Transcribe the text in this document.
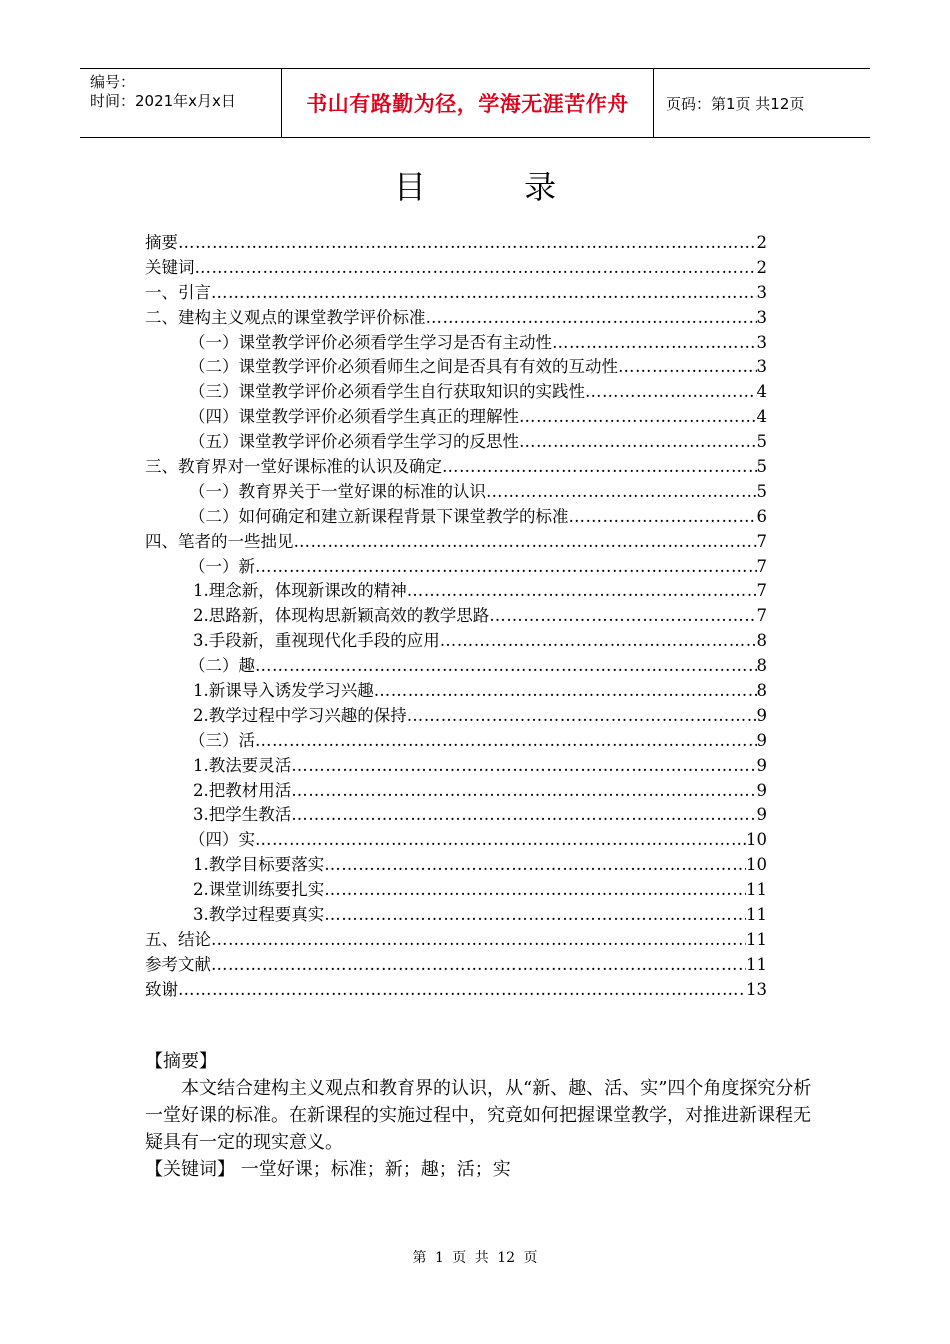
编号：
时间：2021年x月x日	书山有路勤为径，学海无涯苦作舟 页码：第1页 共12页
目 录
摘要 …………………………………………………………………………………………………………………………………………………………………………………………………………	2
关键词 …………………………………………………………………………………………………………………………………………………………………………………………………………	2
一、引言 …………………………………………………………………………………………………………………………………………………………………………………………………………	3
二、建构主义观点的课堂教学评价标准 …………………………………………………………………………………………………………………………………………………………………………………………………………	3
（一）课堂教学评价必须看学生学习是否有主动性 …………………………………………………………………………………………………………………………………………………………………………………………………………	3
（二）课堂教学评价必须看师生之间是否具有有效的互动性 …………………………………………………………………………………………………………………………………………………………………………………………………………	3
（三）课堂教学评价必须看学生自行获取知识的实践性 …………………………………………………………………………………………………………………………………………………………………………………………………………	4
（四）课堂教学评价必须看学生真正的理解性 …………………………………………………………………………………………………………………………………………………………………………………………………………	4
（五）课堂教学评价必须看学生学习的反思性 …………………………………………………………………………………………………………………………………………………………………………………………………………	5
三、教育界对一堂好课标准的认识及确定 …………………………………………………………………………………………………………………………………………………………………………………………………………	5
（一）教育界关于一堂好课的标准的认识 …………………………………………………………………………………………………………………………………………………………………………………………………………	5
（二）如何确定和建立新课程背景下课堂教学的标准 …………………………………………………………………………………………………………………………………………………………………………………………………………	6
四、笔者的一些拙见 …………………………………………………………………………………………………………………………………………………………………………………………………………	7
（一）新 …………………………………………………………………………………………………………………………………………………………………………………………………………	7
1.理念新，体现新课改的精神 …………………………………………………………………………………………………………………………………………………………………………………………………………	7
2.思路新，体现构思新颖高效的教学思路 …………………………………………………………………………………………………………………………………………………………………………………………………………	7
3.手段新，重视现代化手段的应用 …………………………………………………………………………………………………………………………………………………………………………………………………………	8
（二）趣 …………………………………………………………………………………………………………………………………………………………………………………………………………	8
1.新课导入诱发学习兴趣 …………………………………………………………………………………………………………………………………………………………………………………………………………	8
2.教学过程中学习兴趣的保持 …………………………………………………………………………………………………………………………………………………………………………………………………………	9
（三）活 …………………………………………………………………………………………………………………………………………………………………………………………………………	9
1.教法要灵活 …………………………………………………………………………………………………………………………………………………………………………………………………………	9
2.把教材用活 …………………………………………………………………………………………………………………………………………………………………………………………………………	9
3.把学生教活 …………………………………………………………………………………………………………………………………………………………………………………………………………	9
（四）实 …………………………………………………………………………………………………………………………………………………………………………………………………………	10
1.教学目标要落实 …………………………………………………………………………………………………………………………………………………………………………………………………………	10
2.课堂训练要扎实 …………………………………………………………………………………………………………………………………………………………………………………………………………	11
3.教学过程要真实 …………………………………………………………………………………………………………………………………………………………………………………………………………	11
五、结论 …………………………………………………………………………………………………………………………………………………………………………………………………………	11
参考文献 …………………………………………………………………………………………………………………………………………………………………………………………………………	11
致谢 …………………………………………………………………………………………………………………………………………………………………………………………………………	13

【摘要】

本文结合建构主义观点和教育界的认识，从“新、趣、活、实”四个角度探究分析一堂好课的标准。在新课程的实施过程中，究竟如何把握课堂教学，对推进新课程无疑具有一定的现实意义。

【关键词】 一堂好课；标准；新；趣；活；实

第 1 页 共 12 页
